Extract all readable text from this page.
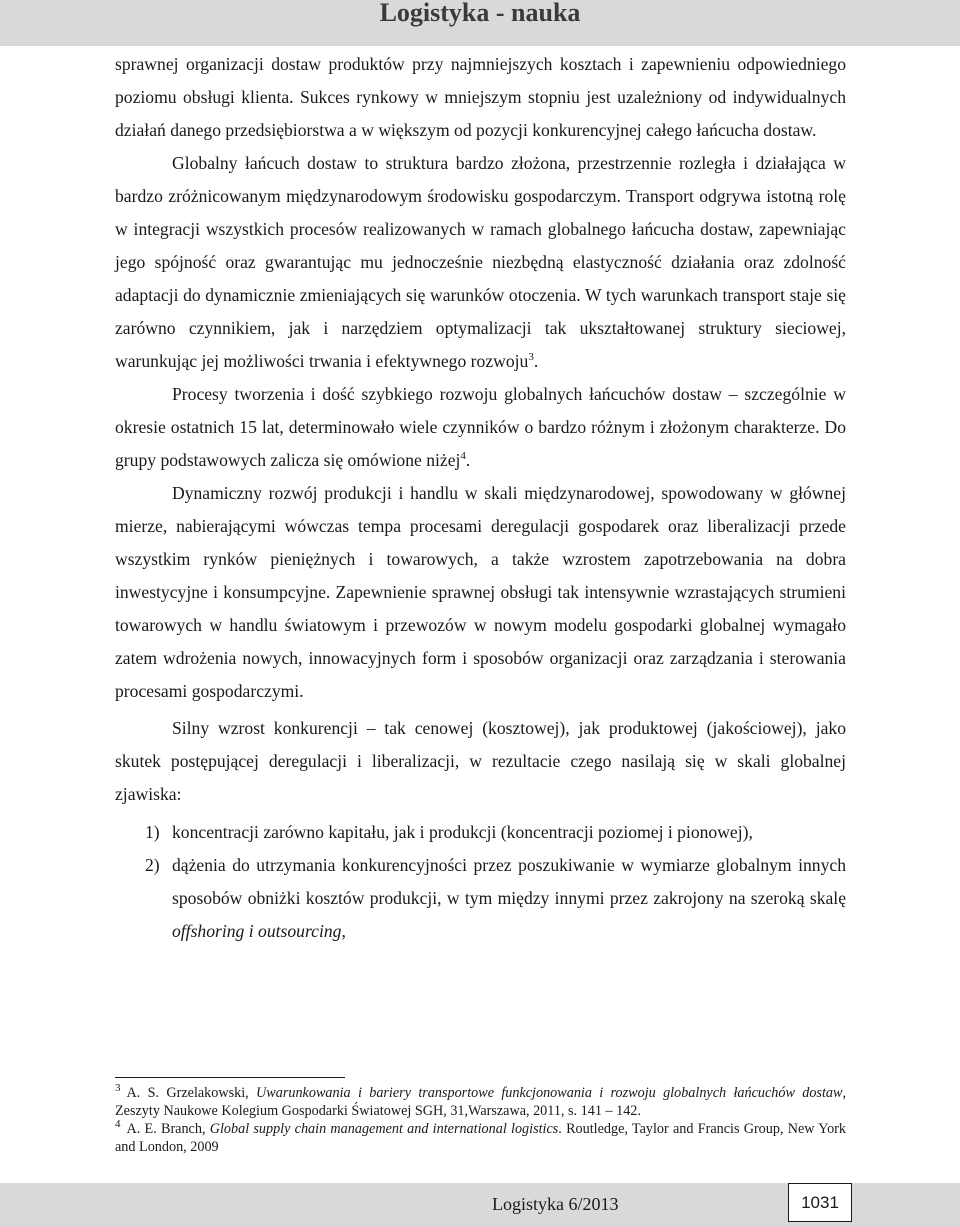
Logistyka - nauka

sprawnej organizacji dostaw produktów przy najmniejszych kosztach i zapewnieniu odpowiedniego poziomu obsługi klienta. Sukces rynkowy w mniejszym stopniu jest uzależniony od indywidualnych działań danego przedsiębiorstwa a w większym od pozycji konkurencyjnej całego łańcucha dostaw.

Globalny łańcuch dostaw to struktura bardzo złożona, przestrzennie rozległa i działająca w bardzo zróżnicowanym międzynarodowym środowisku gospodarczym. Transport odgrywa istotną rolę w integracji wszystkich procesów realizowanych w ramach globalnego łańcucha dostaw, zapewniając jego spójność oraz gwarantując mu jednocześnie niezbędną elastyczność działania oraz zdolność adaptacji do dynamicznie zmieniających się warunków otoczenia. W tych warunkach transport staje się zarówno czynnikiem, jak i narzędziem optymalizacji tak ukształtowanej struktury sieciowej, warunkując jej możliwości trwania i efektywnego rozwoju$^3$.

Procesy tworzenia i dość szybkiego rozwoju globalnych łańcuchów dostaw – szczególnie w okresie ostatnich 15 lat, determinowało wiele czynników o bardzo różnym i złożonym charakterze. Do grupy podstawowych zalicza się omówione niżej$^4$.

Dynamiczny rozwój produkcji i handlu w skali międzynarodowej, spowodowany w głównej mierze, nabierającymi wówczas tempa procesami deregulacji gospodarek oraz liberalizacji przede wszystkim rynków pieniężnych i towarowych, a także wzrostem zapotrzebowania na dobra inwestycyjne i konsumpcyjne. Zapewnienie sprawnej obsługi tak intensywnie wzrastających strumieni towarowych w handlu światowym i przewozów w nowym modelu gospodarki globalnej wymagało zatem wdrożenia nowych, innowacyjnych form i sposobów organizacji oraz zarządzania i sterowania procesami gospodarczymi.

Silny wzrost konkurencji – tak cenowej (kosztowej), jak produktowej (jakościowej), jako skutek postępującej deregulacji i liberalizacji, w rezultacie czego nasilają się w skali globalnej zjawiska:

1) koncentracji zarówno kapitału, jak i produkcji (koncentracji poziomej i pionowej),
2) dążenia do utrzymania konkurencyjności przez poszukiwanie w wymiarze globalnym innych sposobów obniżki kosztów produkcji, w tym między innymi przez zakrojony na szeroką skalę offshoring i outsourcing,

$^3$ A. S. Grzelakowski, Uwarunkowania i bariery transportowe funkcjonowania i rozwoju globalnych łańcuchów dostaw, Zeszyty Naukowe Kolegium Gospodarki Światowej SGH, 31,Warszawa, 2011, s. 141 – 142.

$^4$ A. E. Branch, Global supply chain management and international logistics. Routledge, Taylor and Francis Group, New York and London, 2009

Logistyka 6/2013	1031
